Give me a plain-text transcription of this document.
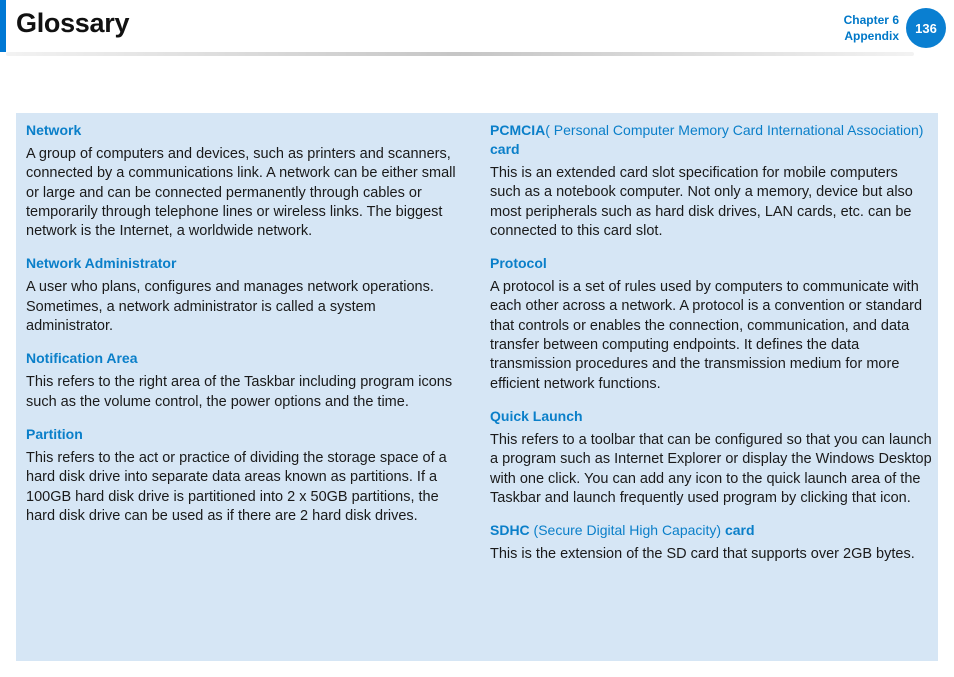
Glossary	Chapter 6
Appendix
136
Network
A group of computers and devices, such as printers and scanners, connected by a communications link. A network can be either small or large and can be connected permanently through cables or temporarily through telephone lines or wireless links. The biggest network is the Internet, a worldwide network.
Network Administrator
A user who plans, configures and manages network operations. Sometimes, a network administrator is called a system administrator.
Notification Area
This refers to the right area of the Taskbar including program icons such as the volume control, the power options and the time.
Partition
This refers to the act or practice of dividing the storage space of a hard disk drive into separate data areas known as partitions. If a 100GB hard disk drive is partitioned into 2 x 50GB partitions, the hard disk drive can be used as if there are 2 hard disk drives.
PCMCIA( Personal Computer Memory Card International Association) card
This is an extended card slot specification for mobile computers such as a notebook computer. Not only a memory, device but also most peripherals such as hard disk drives, LAN cards, etc. can be connected to this card slot.
Protocol
A protocol is a set of rules used by computers to communicate with each other across a network. A protocol is a convention or standard that controls or enables the connection, communication, and data transfer between computing endpoints. It defines the data transmission procedures and the transmission medium for more efficient network functions.
Quick Launch
This refers to a toolbar that can be configured so that you can launch a program such as Internet Explorer or display the Windows Desktop with one click. You can add any icon to the quick launch area of the Taskbar and launch frequently used program by clicking that icon.
SDHC (Secure Digital High Capacity) card
This is the extension of the SD card that supports over 2GB bytes.
